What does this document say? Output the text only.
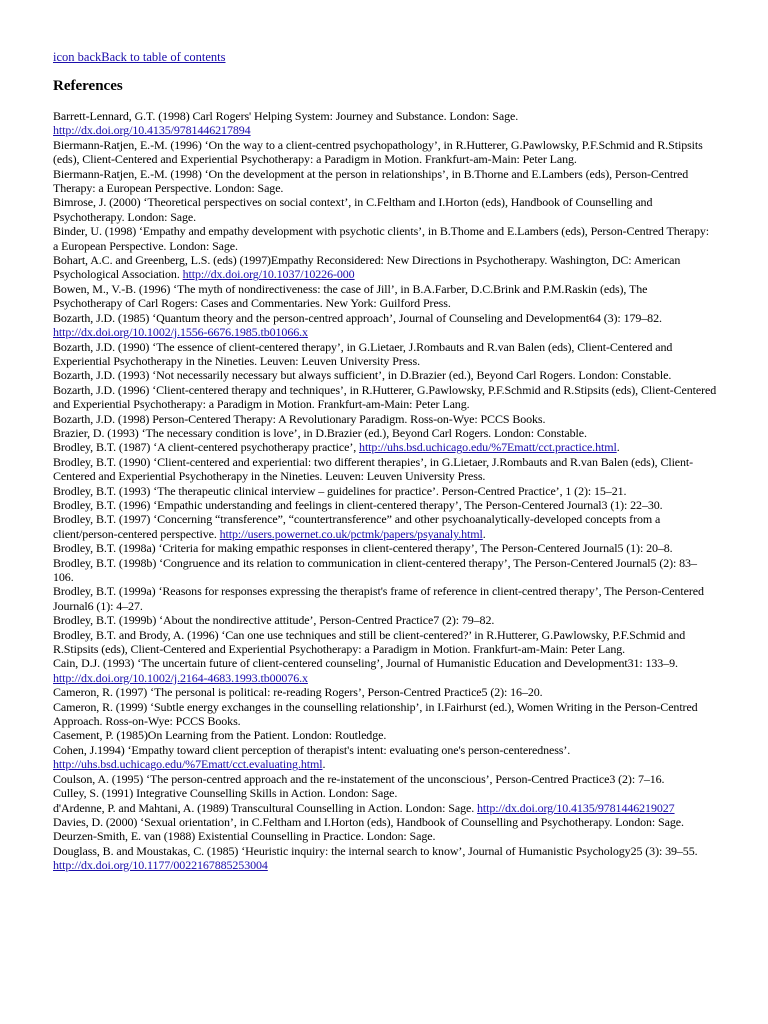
icon backBack to table of contents
References
Barrett-Lennard, G.T. (1998) Carl Rogers' Helping System: Journey and Substance. London: Sage. http://dx.doi.org/10.4135/9781446217894
Biermann-Ratjen, E.-M. (1996) ‘On the way to a client-centred psychopathology’, in R.Hutterer, G.Pawlowsky, P.F.Schmid and R.Stipsits (eds), Client-Centered and Experiential Psychotherapy: a Paradigm in Motion. Frankfurt-am-Main: Peter Lang.
Biermann-Ratjen, E.-M. (1998) ‘On the development at the person in relationships’, in B.Thorne and E.Lambers (eds), Person-Centred Therapy: a European Perspective. London: Sage.
Bimrose, J. (2000) ‘Theoretical perspectives on social context’, in C.Feltham and I.Horton (eds), Handbook of Counselling and Psychotherapy. London: Sage.
Binder, U. (1998) ‘Empathy and empathy development with psychotic clients’, in B.Thome and E.Lambers (eds), Person-Centred Therapy: a European Perspective. London: Sage.
Bohart, A.C. and Greenberg, L.S. (eds) (1997)Empathy Reconsidered: New Directions in Psychotherapy. Washington, DC: American Psychological Association. http://dx.doi.org/10.1037/10226-000
Bowen, M., V.-B. (1996) ‘The myth of nondirectiveness: the case of Jill’, in B.A.Farber, D.C.Brink and P.M.Raskin (eds), The Psychotherapy of Carl Rogers: Cases and Commentaries. New York: Guilford Press.
Bozarth, J.D. (1985) ‘Quantum theory and the person-centred approach’, Journal of Counseling and Development64 (3): 179–82. http://dx.doi.org/10.1002/j.1556-6676.1985.tb01066.x
Bozarth, J.D. (1990) ‘The essence of client-centered therapy’, in G.Lietaer, J.Rombauts and R.van Balen (eds), Client-Centered and Experiential Psychotherapy in the Nineties. Leuven: Leuven University Press.
Bozarth, J.D. (1993) ‘Not necessarily necessary but always sufficient’, in D.Brazier (ed.), Beyond Carl Rogers. London: Constable.
Bozarth, J.D. (1996) ‘Client-centered therapy and techniques’, in R.Hutterer, G.Pawlowsky, P.F.Schmid and R.Stipsits (eds), Client-Centered and Experiential Psychotherapy: a Paradigm in Motion. Frankfurt-am-Main: Peter Lang.
Bozarth, J.D. (1998) Person-Centered Therapy: A Revolutionary Paradigm. Ross-on-Wye: PCCS Books.
Brazier, D. (1993) ‘The necessary condition is love’, in D.Brazier (ed.), Beyond Carl Rogers. London: Constable.
Brodley, B.T. (1987) ‘A client-centered psychotherapy practice’, http://uhs.bsd.uchicago.edu/%7Ematt/cct.practice.html.
Brodley, B.T. (1990) ‘Client-centered and experiential: two different therapies’, in G.Lietaer, J.Rombauts and R.van Balen (eds), Client-Centered and Experiential Psychotherapy in the Nineties. Leuven: Leuven University Press.
Brodley, B.T. (1993) ‘The therapeutic clinical interview – guidelines for practice’. Person-Centred Practice’, 1 (2): 15–21.
Brodley, B.T. (1996) ‘Empathic understanding and feelings in client-centered therapy’, The Person-Centered Journal3 (1): 22–30.
Brodley, B.T. (1997) ‘Concerning “transference”, “countertransference” and other psychoanalytically-developed concepts from a client/person-centered perspective. http://users.powernet.co.uk/pctmk/papers/psyanaly.html.
Brodley, B.T. (1998a) ‘Criteria for making empathic responses in client-centered therapy’, The Person-Centered Journal5 (1): 20–8.
Brodley, B.T. (1998b) ‘Congruence and its relation to communication in client-centered therapy’, The Person-Centered Journal5 (2): 83–106.
Brodley, B.T. (1999a) ‘Reasons for responses expressing the therapist's frame of reference in client-centred therapy’, The Person-Centered Journal6 (1): 4–27.
Brodley, B.T. (1999b) ‘About the nondirective attitude’, Person-Centred Practice7 (2): 79–82.
Brodley, B.T. and Brody, A. (1996) ‘Can one use techniques and still be client-centered?’ in R.Hutterer, G.Pawlowsky, P.F.Schmid and R.Stipsits (eds), Client-Centered and Experiential Psychotherapy: a Paradigm in Motion. Frankfurt-am-Main: Peter Lang.
Cain, D.J. (1993) ‘The uncertain future of client-centered counseling’, Journal of Humanistic Education and Development31: 133–9. http://dx.doi.org/10.1002/j.2164-4683.1993.tb00076.x
Cameron, R. (1997) ‘The personal is political: re-reading Rogers’, Person-Centred Practice5 (2): 16–20.
Cameron, R. (1999) ‘Subtle energy exchanges in the counselling relationship’, in I.Fairhurst (ed.), Women Writing in the Person-Centred Approach. Ross-on-Wye: PCCS Books.
Casement, P. (1985)On Learning from the Patient. London: Routledge.
Cohen, J.1994) ‘Empathy toward client perception of therapist's intent: evaluating one's person-centeredness’. http://uhs.bsd.uchicago.edu/%7Ematt/cct.evaluating.html.
Coulson, A. (1995) ‘The person-centred approach and the re-instatement of the unconscious’, Person-Centred Practice3 (2): 7–16.
Culley, S. (1991) Integrative Counselling Skills in Action. London: Sage.
d'Ardenne, P. and Mahtani, A. (1989) Transcultural Counselling in Action. London: Sage. http://dx.doi.org/10.4135/9781446219027
Davies, D. (2000) ‘Sexual orientation’, in C.Feltham and I.Horton (eds), Handbook of Counselling and Psychotherapy. London: Sage.
Deurzen-Smith, E. van (1988) Existential Counselling in Practice. London: Sage.
Douglass, B. and Moustakas, C. (1985) ‘Heuristic inquiry: the internal search to know’, Journal of Humanistic Psychology25 (3): 39–55. http://dx.doi.org/10.1177/0022167885253004
